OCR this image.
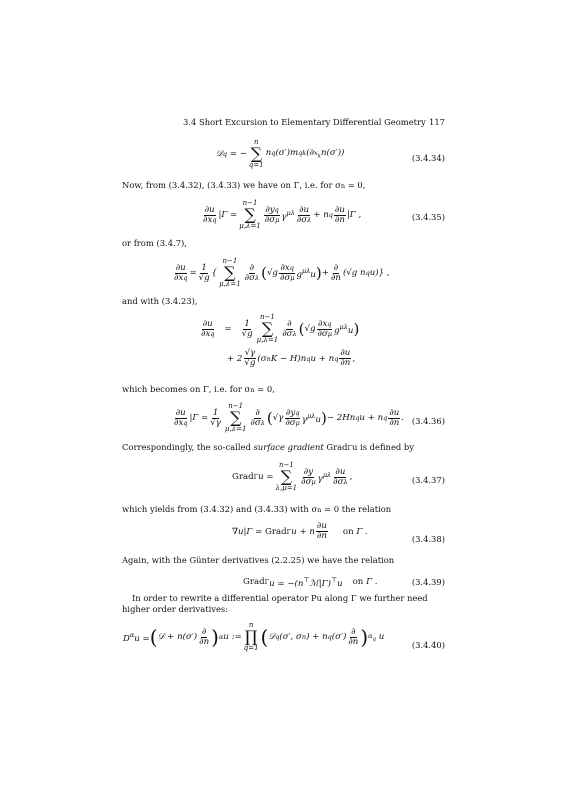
3.4 Short Excursion to Elementary Differential Geometry 117
𝒟q = −
n
∑
q=1
$nq(\sigma')mqk(\partial x_kn(\sigma'))$	(3.4.34)
Now, from (3.4.32), (3.4.33) we have on Γ, i.e. for σn = 0,
$\frac{\partial u}{\partial xq} |\Gamma$ =
n−1
∑
μ,λ=1
$\frac{\partial yq}{\partial\sigma\mu} \gamma^{\mu\lambda} \frac{\partial u}{\partial\sigma\lambda}$ + nq $\frac{\partial u}{\partial n} |\Gamma$ ,	(3.4.35)
or from (3.4.7),
$\frac{\partial u}{\partial xq} = \frac{1}{√g}$ {
n−1
∑
μ,λ=1
$\frac{\partial}{\partial\sigma\lambda}$ ( $√g \frac{\partial xq}{\partial\sigma\mu} g^{\mu\lambda}u$ ) + $\frac{\partial}{\partial n} (√g$ nqu) } ,
and with (3.4.23),
$\frac{\partial u}{\partial xq} = \frac{1}{√g}$
n−1
∑
μ,λ=1
$\frac{\partial}{\partial\sigma\lambda}$ ( $√g \frac{\partial xq}{\partial\sigma\mu} g^{\mu\lambda}u$ )
+ $2 \frac{√\gamma}{√g} (\sigma nK - H)nqu$ + nq $\frac{\partial u}{\partial n}$ ,
which becomes on Γ, i.e. for σn = 0,
$\frac{\partial u}{\partial xq} |\Gamma = \frac{1}{√\gamma}$
n−1
∑
μ,λ=1
$\frac{\partial}{\partial\sigma\lambda}$ ( $√\gamma \frac{\partial yq}{\partial\sigma\mu} \gamma^{\mu\lambda}u$ ) − 2Hnqu + nq $\frac{\partial u}{\partial n}$ . (3.4.36)
Correspondingly, the so-called surface gradient GradΓu is defined by
GradΓ u =
n−1
∑
λ,μ=1
$\frac{\partial y}{\partial\sigma\mu} \gamma^{\mu\lambda} \frac{\partial u}{\partial\sigma\lambda}$ ,	(3.4.37)
which yields from (3.4.32) and (3.4.33) with σn = 0 the relation
∇u|Γ = GradΓ u + n $\frac{\partial u}{\partial n}$ on Γ .
(3.4.38)
Again, with the Günter derivatives (2.2.25) we have the relation
GradΓ u = −(n⊤ℳ|Γ)⊤u on Γ .	(3.4.39)
In order to rewrite a differential operator Pu along Γ we further need
higher order derivatives:
$D^\alpha u$ = ( 𝒟 + $n(\sigma') \frac{\partial}{\partial n}$ ) α u :=
n
∏
q=1 ( 𝒟q(σ′, $\sigma n) + nq(\sigma') \frac{\partial}{\partial n}$ ) $\alpha_q$ u
(3.4.40)
